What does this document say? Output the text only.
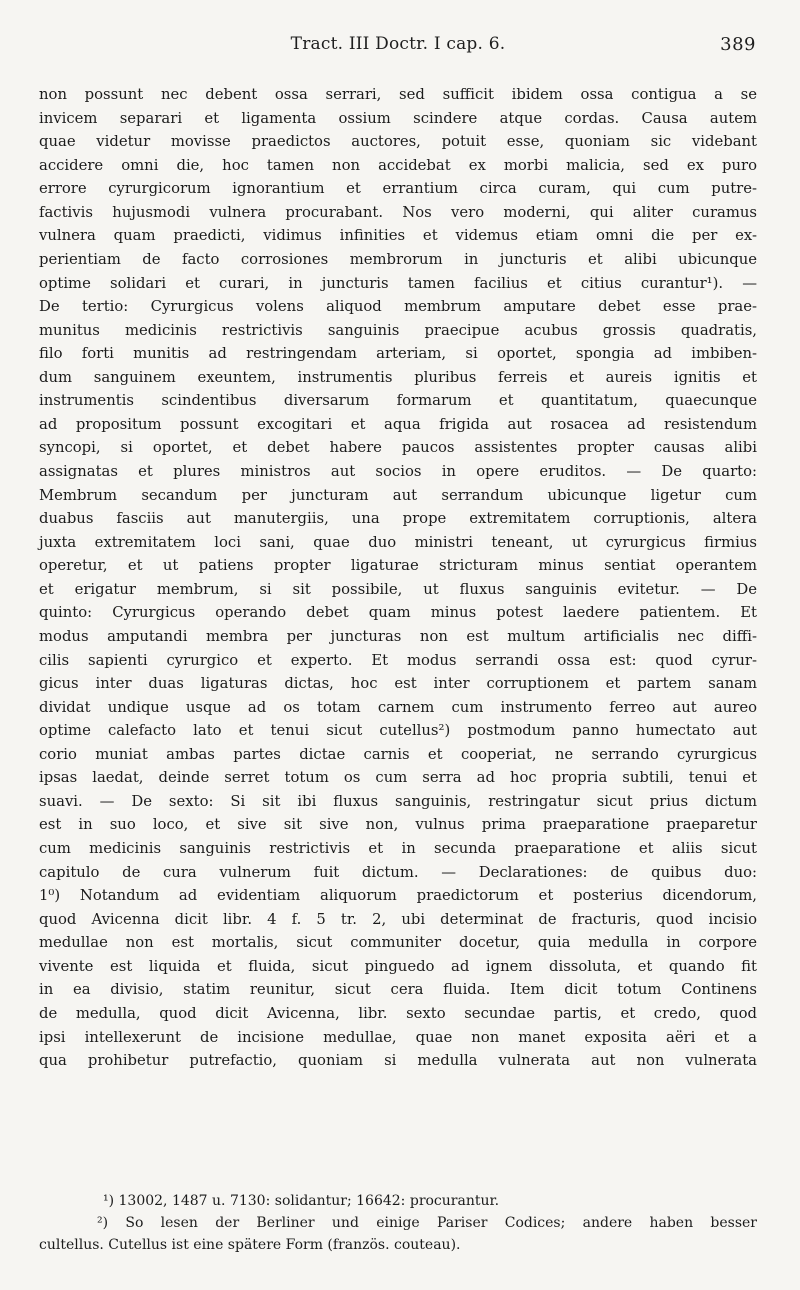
Tract. III Doctr. I cap. 6.	389
non possunt nec debent ossa serrari, sed sufficit ibidem ossa contigua a se
invicem separari et ligamenta ossium scindere atque cordas. Causa autem
quae videtur movisse praedictos auctores, potuit esse, quoniam sic videbant
accidere omni die, hoc tamen non accidebat ex morbi malicia, sed ex puro
errore cyrurgicorum ignorantium et errantium circa curam, qui cum putre-
factivis hujusmodi vulnera procurabant. Nos vero moderni, qui aliter curamus
vulnera quam praedicti, vidimus infinities et videmus etiam omni die per ex-
perientiam de facto corrosiones membrorum in juncturis et alibi ubicunque
optime solidari et curari, in juncturis tamen facilius et citius curantur¹). —
De tertio: Cyrurgicus volens aliquod membrum amputare debet esse prae-
munitus medicinis restrictivis sanguinis praecipue acubus grossis quadratis,
filo forti munitis ad restringendam arteriam, si oportet, spongia ad imbiben-
dum sanguinem exeuntem, instrumentis pluribus ferreis et aureis ignitis et
instrumentis scindentibus diversarum formarum et quantitatum, quaecunque
ad propositum possunt excogitari et aqua frigida aut rosacea ad resistendum
syncopi, si oportet, et debet habere paucos assistentes propter causas alibi
assignatas et plures ministros aut socios in opere eruditos. — De quarto:
Membrum secandum per juncturam aut serrandum ubicunque ligetur cum
duabus fasciis aut manutergiis, una prope extremitatem corruptionis, altera
juxta extremitatem loci sani, quae duo ministri teneant, ut cyrurgicus firmius
operetur, et ut patiens propter ligaturae stricturam minus sentiat operantem
et erigatur membrum, si sit possibile, ut fluxus sanguinis evitetur. — De
quinto: Cyrurgicus operando debet quam minus potest laedere patientem. Et
modus amputandi membra per juncturas non est multum artificialis nec diffi-
cilis sapienti cyrurgico et experto. Et modus serrandi ossa est: quod cyrur-
gicus inter duas ligaturas dictas, hoc est inter corruptionem et partem sanam
dividat undique usque ad os totam carnem cum instrumento ferreo aut aureo
optime calefacto lato et tenui sicut cutellus²) postmodum panno humectato aut
corio muniat ambas partes dictae carnis et cooperiat, ne serrando cyrurgicus
ipsas laedat, deinde serret totum os cum serra ad hoc propria subtili, tenui et
suavi. — De sexto: Si sit ibi fluxus sanguinis, restringatur sicut prius dictum
est in suo loco, et sive sit sive non, vulnus prima praeparatione praeparetur
cum medicinis sanguinis restrictivis et in secunda praeparatione et aliis sicut
capitulo de cura vulnerum fuit dictum. — Declarationes: de quibus duo:
1⁰) Notandum ad evidentiam aliquorum praedictorum et posterius dicendorum,
quod Avicenna dicit libr. 4 f. 5 tr. 2, ubi determinat de fracturis, quod incisio
medullae non est mortalis, sicut communiter docetur, quia medulla in corpore
vivente est liquida et fluida, sicut pinguedo ad ignem dissoluta, et quando fit
in ea divisio, statim reunitur, sicut cera fluida. Item dicit totum Continens
de medulla, quod dicit Avicenna, libr. sexto secundae partis, et credo, quod
ipsi intellexerunt de incisione medullae, quae non manet exposita aëri et a
qua prohibetur putrefactio, quoniam si medulla vulnerata aut non vulnerata
¹) 13002, 1487 u. 7130: solidantur; 16642: procurantur.
²) So lesen der Berliner und einige Pariser Codices; andere haben besser
cultellus. Cutellus ist eine spätere Form (französ. couteau).
